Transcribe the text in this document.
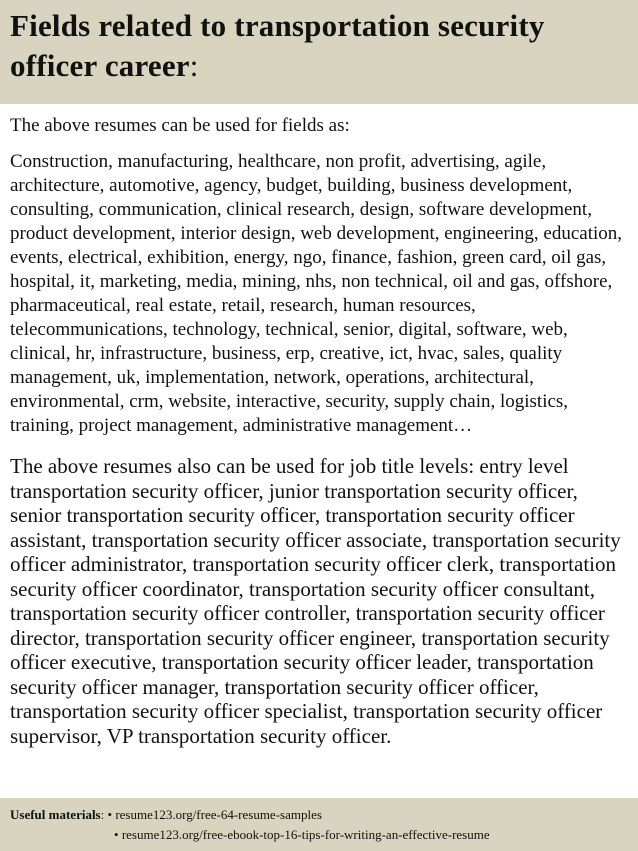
Fields related to transportation security officer career:

The above resumes can be used for fields as:

Construction, manufacturing, healthcare, non profit, advertising, agile, architecture, automotive, agency, budget, building, business development, consulting, communication, clinical research, design, software development, product development, interior design, web development, engineering, education, events, electrical, exhibition, energy, ngo, finance, fashion, green card, oil gas, hospital, it, marketing, media, mining, nhs, non technical, oil and gas, offshore, pharmaceutical, real estate, retail, research, human resources, telecommunications, technology, technical, senior, digital, software, web, clinical, hr, infrastructure, business, erp, creative, ict, hvac, sales, quality management, uk, implementation, network, operations, architectural, environmental, crm, website, interactive, security, supply chain, logistics, training, project management, administrative management…

The above resumes also can be used for job title levels: entry level transportation security officer, junior transportation security officer, senior transportation security officer, transportation security officer assistant, transportation security officer associate, transportation security officer administrator, transportation security officer clerk, transportation security officer coordinator, transportation security officer consultant, transportation security officer controller, transportation security officer director, transportation security officer engineer, transportation security officer executive, transportation security officer leader, transportation security officer manager, transportation security officer officer, transportation security officer specialist, transportation security officer supervisor, VP transportation security officer.

Useful materials: • resume123.org/free-64-resume-samples
• resume123.org/free-ebook-top-16-tips-for-writing-an-effective-resume
